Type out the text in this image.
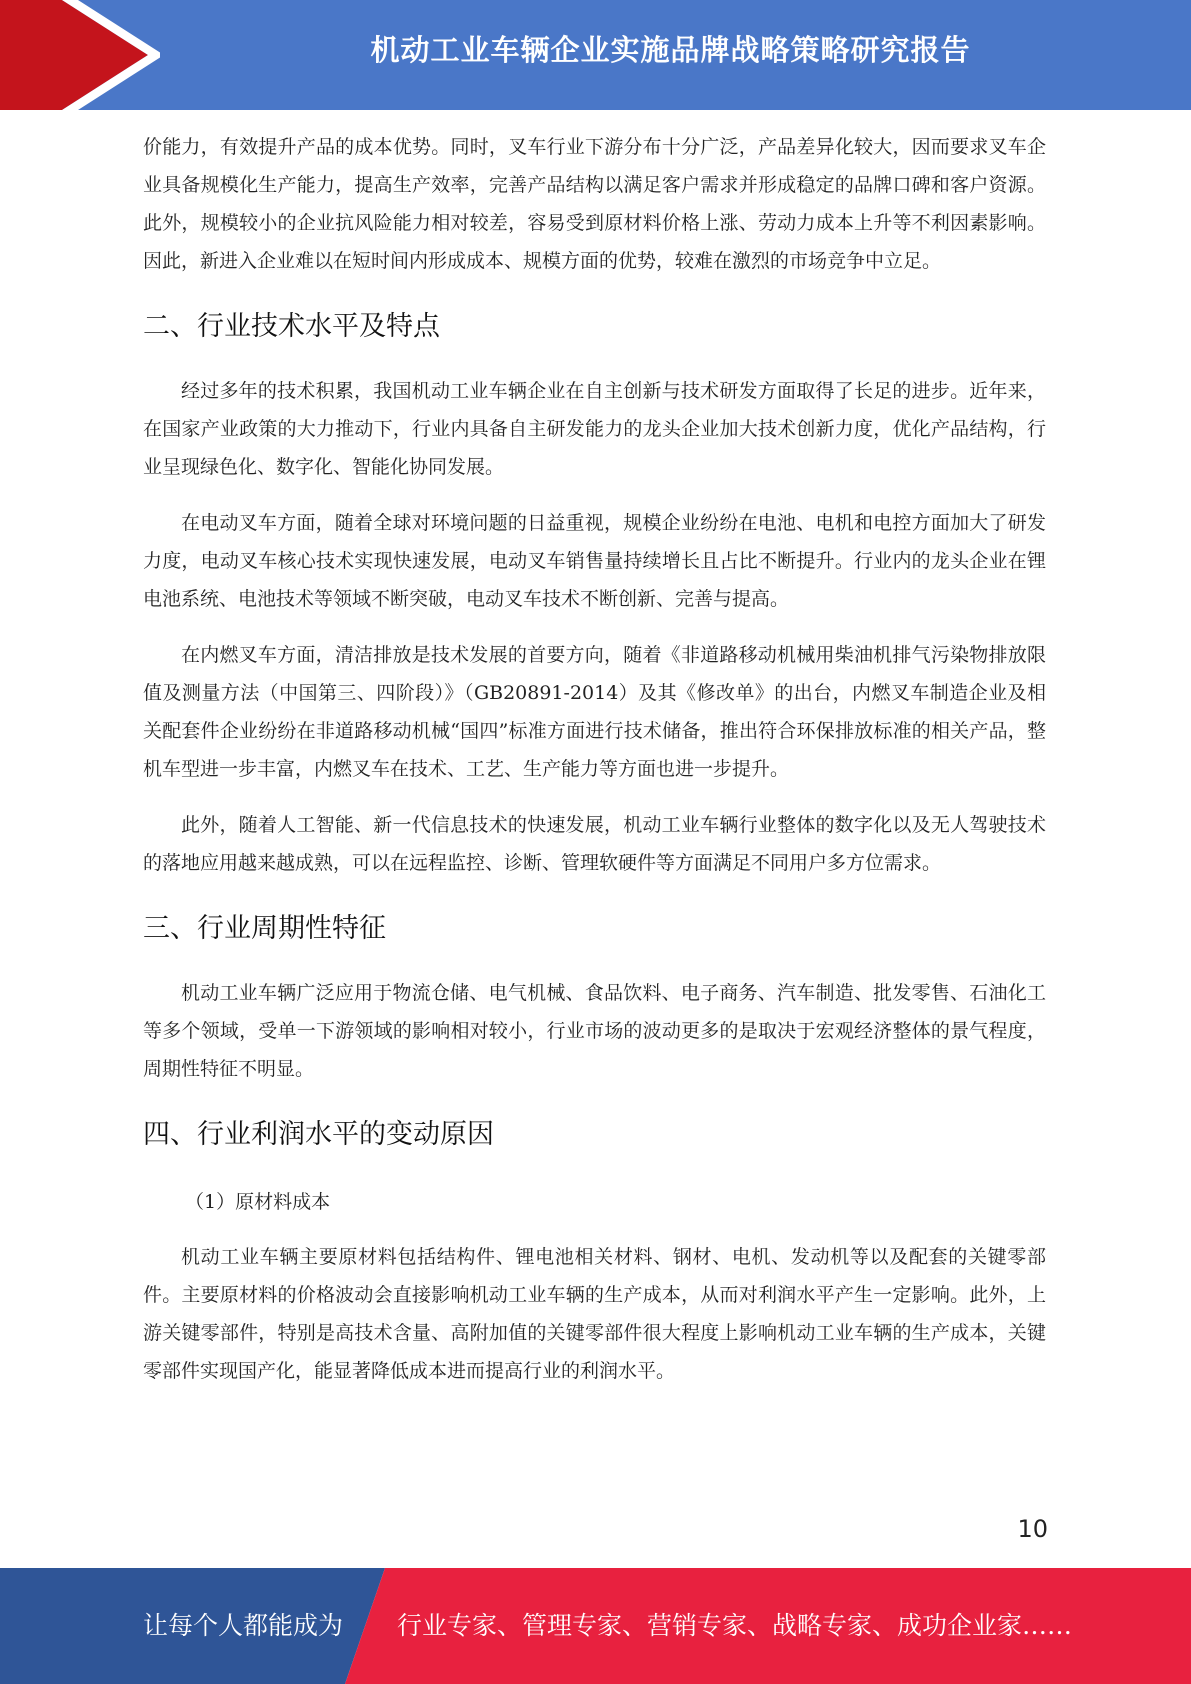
机动工业车辆企业实施品牌战略策略研究报告

价能力，有效提升产品的成本优势。同时，叉车行业下游分布十分广泛，产品差异化较大，因而要求叉车企业具备规模化生产能力，提高生产效率，完善产品结构以满足客户需求并形成稳定的品牌口碑和客户资源。此外，规模较小的企业抗风险能力相对较差，容易受到原材料价格上涨、劳动力成本上升等不利因素影响。因此，新进入企业难以在短时间内形成成本、规模方面的优势，较难在激烈的市场竞争中立足。

二、行业技术水平及特点

经过多年的技术积累，我国机动工业车辆企业在自主创新与技术研发方面取得了长足的进步。近年来，在国家产业政策的大力推动下，行业内具备自主研发能力的龙头企业加大技术创新力度，优化产品结构，行业呈现绿色化、数字化、智能化协同发展。

在电动叉车方面，随着全球对环境问题的日益重视，规模企业纷纷在电池、电机和电控方面加大了研发力度，电动叉车核心技术实现快速发展，电动叉车销售量持续增长且占比不断提升。行业内的龙头企业在锂电池系统、电池技术等领域不断突破，电动叉车技术不断创新、完善与提高。

在内燃叉车方面，清洁排放是技术发展的首要方向，随着《非道路移动机械用柴油机排气污染物排放限值及测量方法（中国第三、四阶段）》（GB20891-2014）及其《修改单》的出台，内燃叉车制造企业及相关配套件企业纷纷在非道路移动机械“国四”标准方面进行技术储备，推出符合环保排放标准的相关产品，整机车型进一步丰富，内燃叉车在技术、工艺、生产能力等方面也进一步提升。

此外，随着人工智能、新一代信息技术的快速发展，机动工业车辆行业整体的数字化以及无人驾驶技术的落地应用越来越成熟，可以在远程监控、诊断、管理软硬件等方面满足不同用户多方位需求。

三、行业周期性特征

机动工业车辆广泛应用于物流仓储、电气机械、食品饮料、电子商务、汽车制造、批发零售、石油化工等多个领域，受单一下游领域的影响相对较小，行业市场的波动更多的是取决于宏观经济整体的景气程度，周期性特征不明显。

四、行业利润水平的变动原因

（1）原材料成本

机动工业车辆主要原材料包括结构件、锂电池相关材料、钢材、电机、发动机等以及配套的关键零部件。主要原材料的价格波动会直接影响机动工业车辆的生产成本，从而对利润水平产生一定影响。此外，上游关键零部件，特别是高技术含量、高附加值的关键零部件很大程度上影响机动工业车辆的生产成本，关键零部件实现国产化，能显著降低成本进而提高行业的利润水平。

10
让每个人都能成为 行业专家、管理专家、营销专家、战略专家、成功企业家……
